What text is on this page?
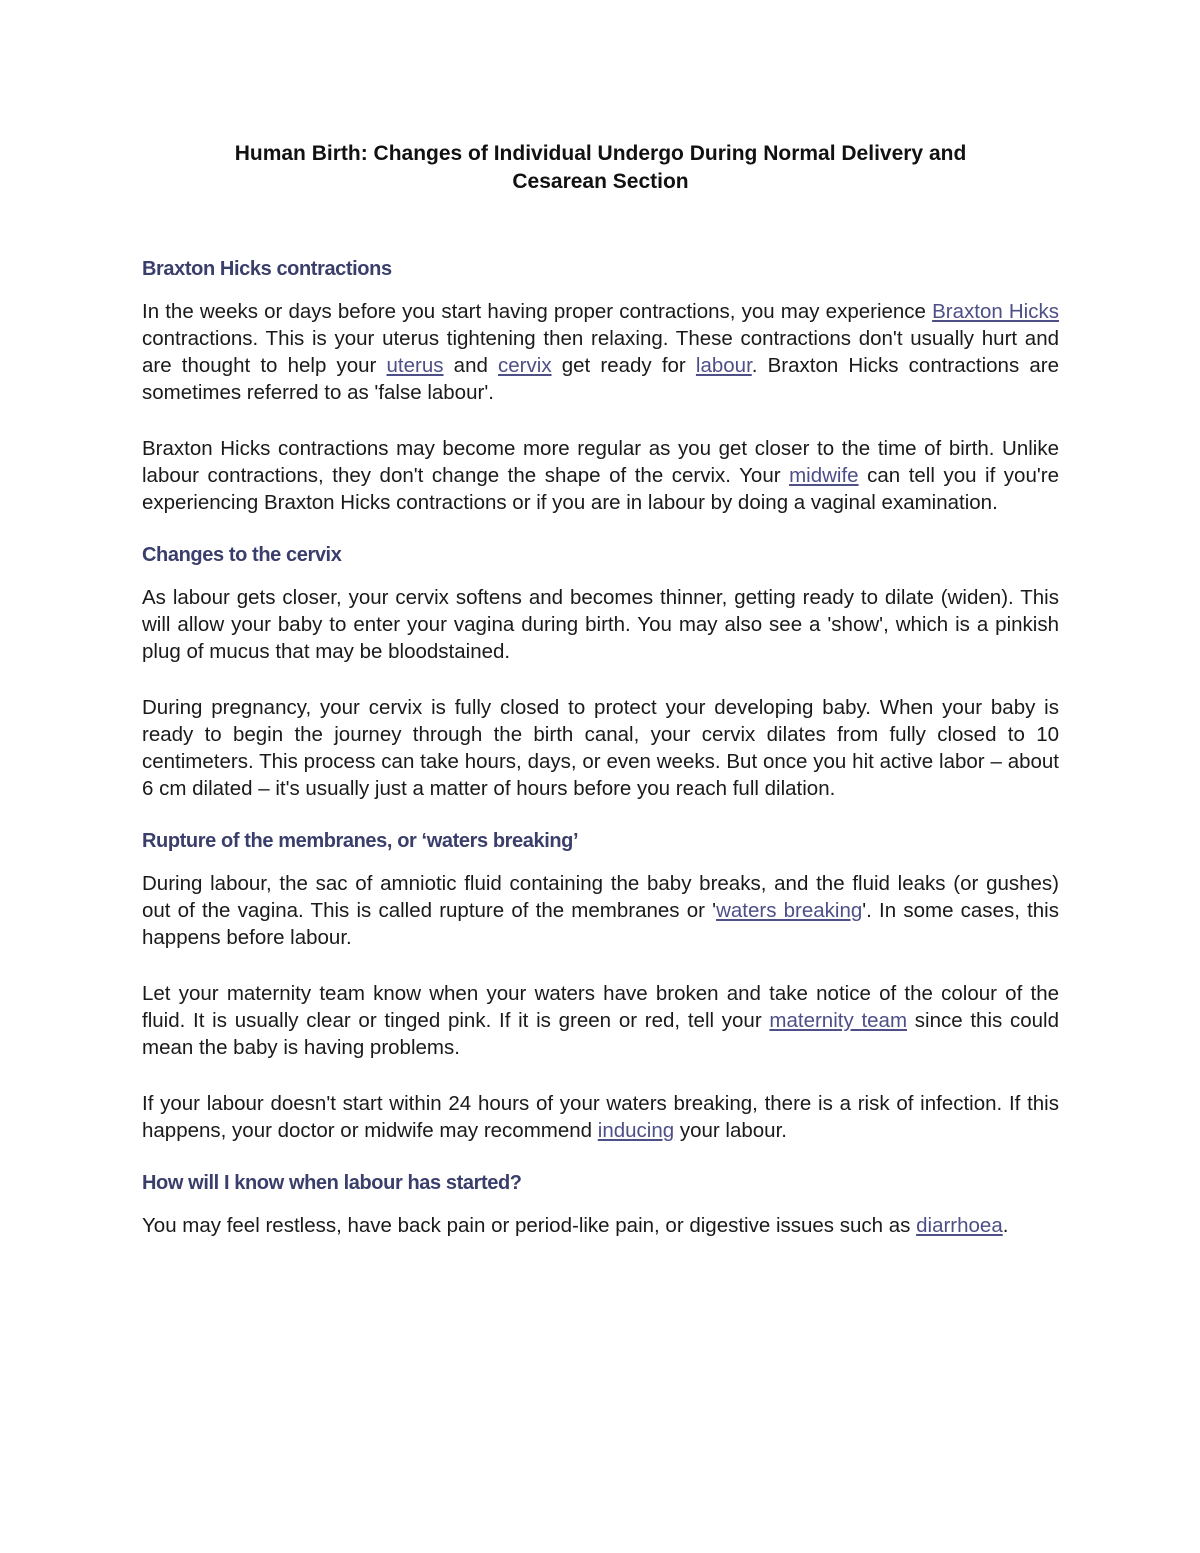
Human Birth: Changes of Individual Undergo During Normal Delivery and
Cesarean Section
Braxton Hicks contractions

In the weeks or days before you start having proper contractions, you may experience Braxton Hicks contractions. This is your uterus tightening then relaxing. These contractions don't usually hurt and are thought to help your uterus and cervix get ready for labour. Braxton Hicks contractions are sometimes referred to as 'false labour'.

Braxton Hicks contractions may become more regular as you get closer to the time of birth. Unlike labour contractions, they don't change the shape of the cervix. Your midwife can tell you if you're experiencing Braxton Hicks contractions or if you are in labour by doing a vaginal examination.

Changes to the cervix

As labour gets closer, your cervix softens and becomes thinner, getting ready to dilate (widen). This will allow your baby to enter your vagina during birth. You may also see a 'show', which is a pinkish plug of mucus that may be bloodstained.

During pregnancy, your cervix is fully closed to protect your developing baby. When your baby is ready to begin the journey through the birth canal, your cervix dilates from fully closed to 10 centimeters. This process can take hours, days, or even weeks. But once you hit active labor – about 6 cm dilated – it's usually just a matter of hours before you reach full dilation.

Rupture of the membranes, or ‘waters breaking’

During labour, the sac of amniotic fluid containing the baby breaks, and the fluid leaks (or gushes) out of the vagina. This is called rupture of the membranes or 'waters breaking'. In some cases, this happens before labour.

Let your maternity team know when your waters have broken and take notice of the colour of the fluid. It is usually clear or tinged pink. If it is green or red, tell your maternity team since this could mean the baby is having problems.

If your labour doesn't start within 24 hours of your waters breaking, there is a risk of infection. If this happens, your doctor or midwife may recommend inducing your labour.

How will I know when labour has started?

You may feel restless, have back pain or period-like pain, or digestive issues such as diarrhoea.
